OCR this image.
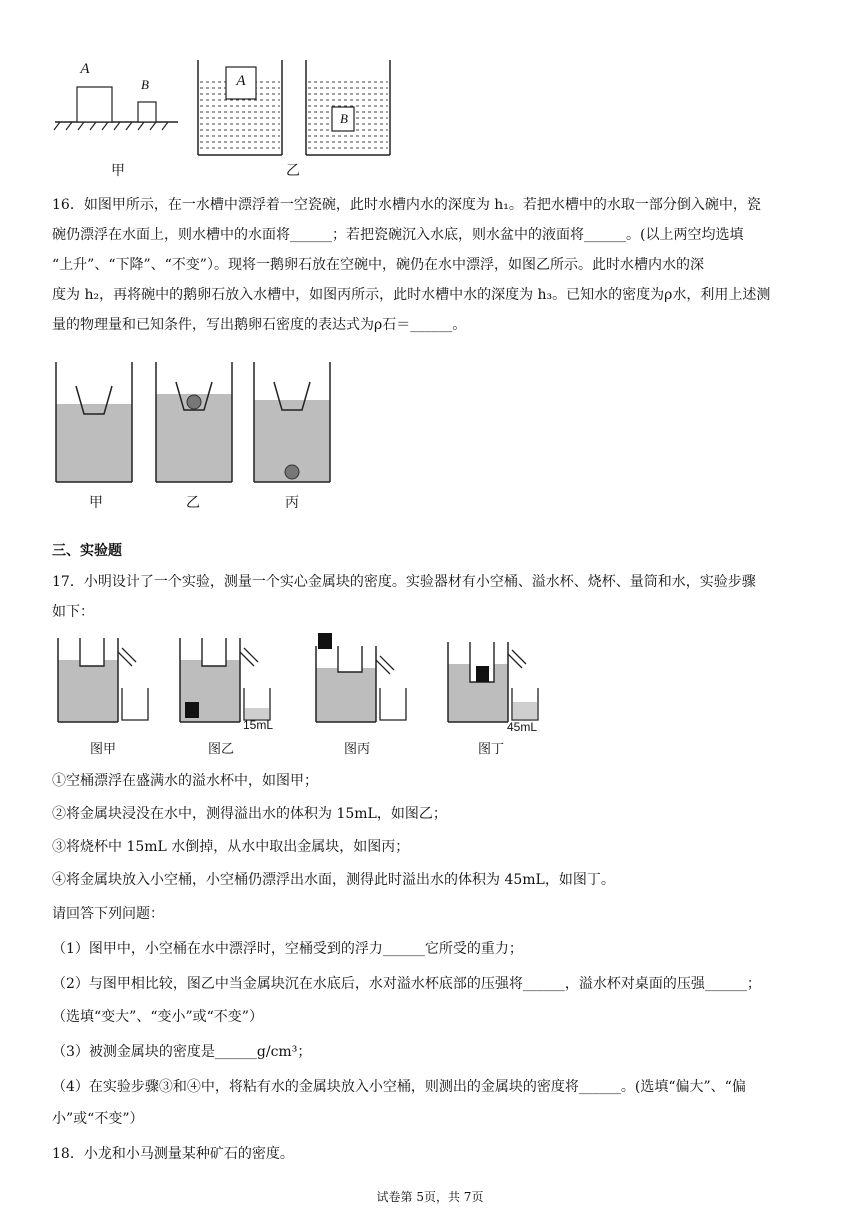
A
B	A
B
甲	乙
16．如图甲所示，在一水槽中漂浮着一空瓷碗，此时水槽内水的深度为 h₁。若把水槽中的水取一部分倒入碗中，瓷
碗仍漂浮在水面上，则水槽中的水面将______；若把瓷碗沉入水底，则水盆中的液面将______。(以上两空均选填
“上升”、“下降”、“不变”）。现将一鹅卵石放在空碗中，碗仍在水中漂浮，如图乙所示。此时水槽内水的深
度为 h₂，再将碗中的鹅卵石放入水槽中，如图丙所示，此时水槽中水的深度为 h₃。已知水的密度为ρ水，利用上述测
量的物理量和已知条件，写出鹅卵石密度的表达式为ρ石＝______。
甲	乙	丙
三、实验题
17．小明设计了一个实验，测量一个实心金属块的密度。实验器材有小空桶、溢水杯、烧杯、量筒和水，实验步骤
如下：
15mL	45mL
图甲	图乙	图丙	图丁
①空桶漂浮在盛满水的溢水杯中，如图甲；
②将金属块浸没在水中，测得溢出水的体积为 15mL，如图乙；
③将烧杯中 15mL 水倒掉，从水中取出金属块，如图丙；
④将金属块放入小空桶，小空桶仍漂浮出水面，测得此时溢出水的体积为 45mL，如图丁。
请回答下列问题：
（1）图甲中，小空桶在水中漂浮时，空桶受到的浮力______它所受的重力；
（2）与图甲相比较，图乙中当金属块沉在水底后，水对溢水杯底部的压强将______，溢水杯对桌面的压强______；
（选填“变大”、“变小”或“不变”）
（3）被测金属块的密度是______g/cm³；
（4）在实验步骤③和④中，将粘有水的金属块放入小空桶，则测出的金属块的密度将______。(选填“偏大”、“偏
小”或“不变”）
18．小龙和小马测量某种矿石的密度。
试卷第 5页，共 7页
